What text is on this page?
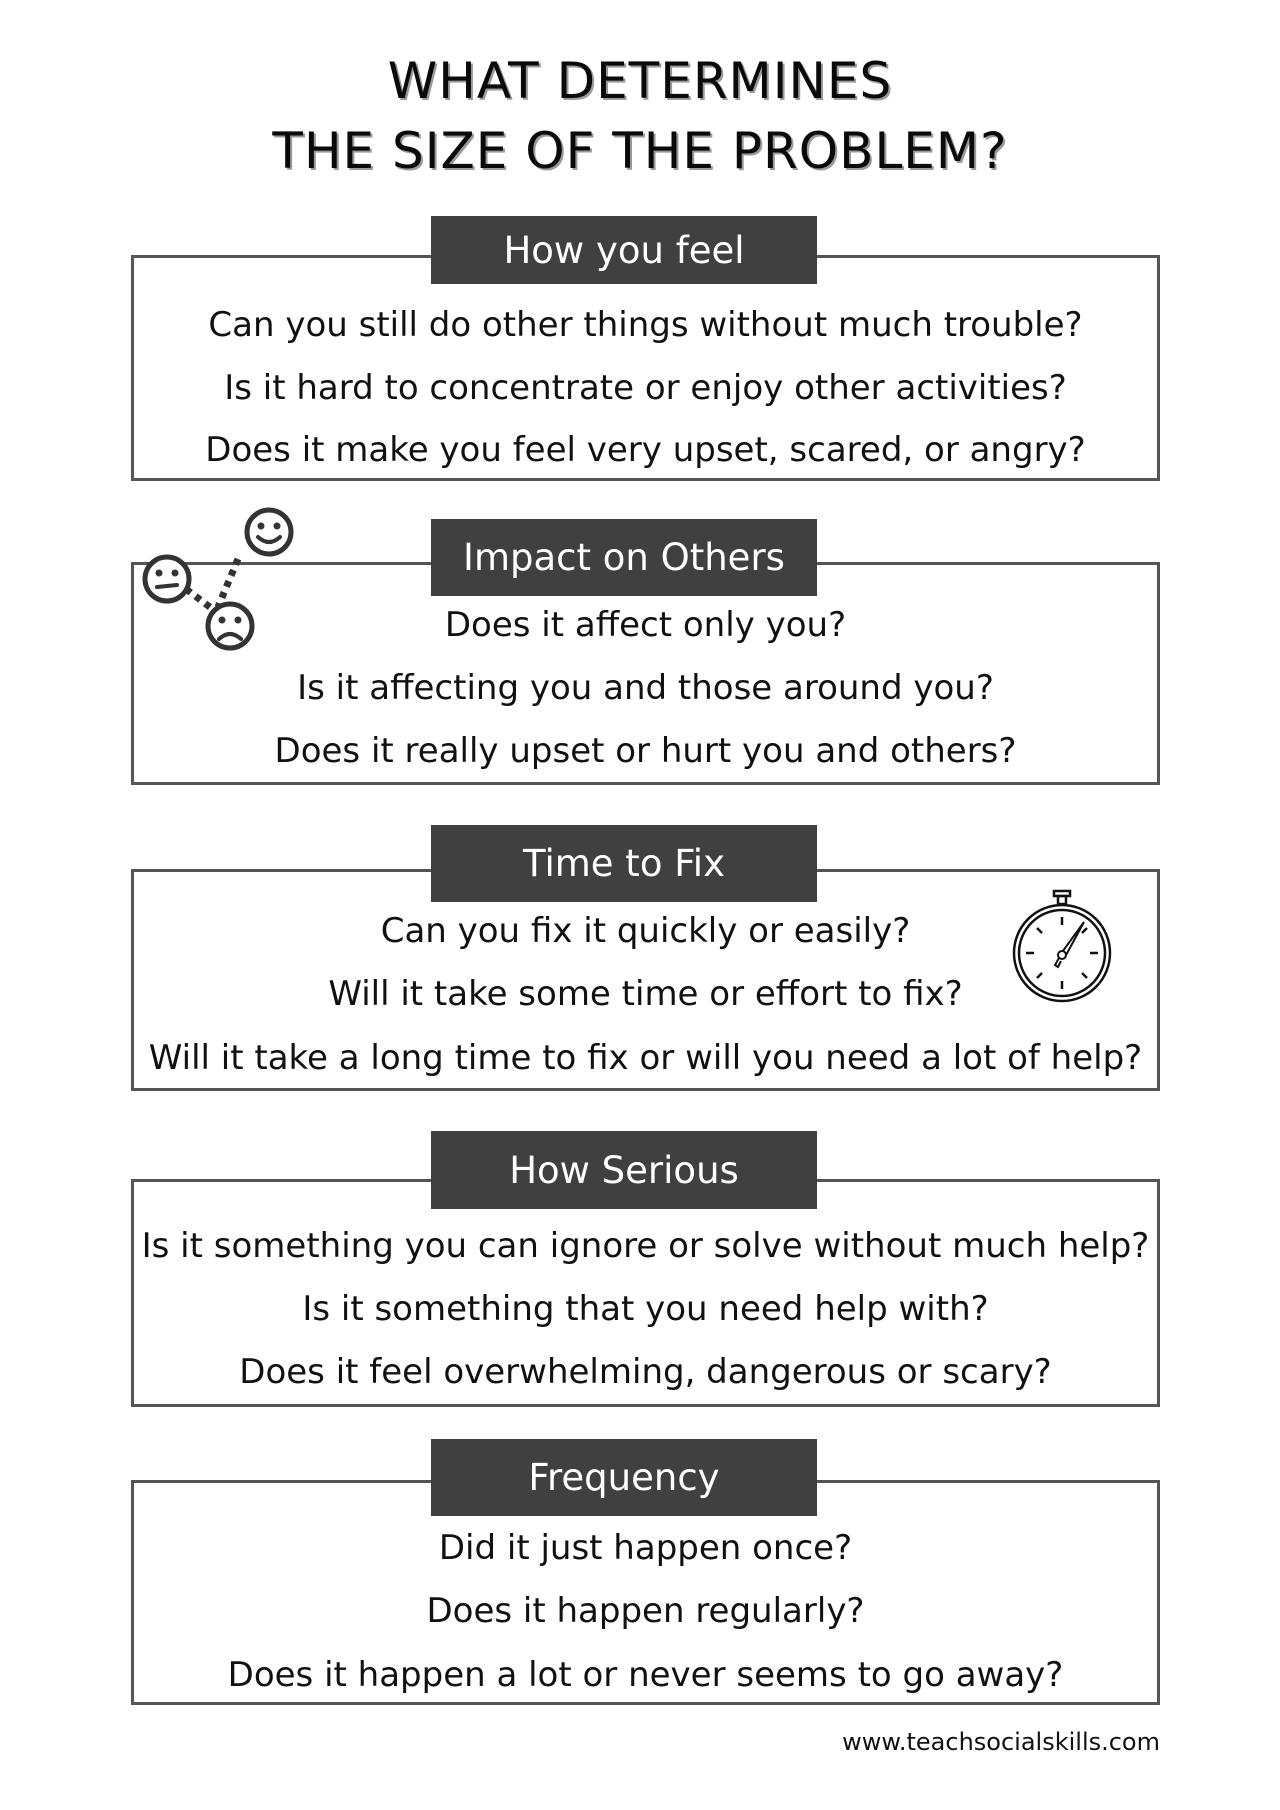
WHAT DETERMINES
THE SIZE OF THE PROBLEM?
How you feel
Can you still do other things without much trouble?
Is it hard to concentrate or enjoy other activities?
Does it make you feel very upset, scared, or angry?
Impact on Others
Does it affect only you?
Is it affecting you and those around you?
Does it really upset or hurt you and others?
Time to Fix
Can you fix it quickly or easily?
Will it take some time or effort to fix?
Will it take a long time to fix or will you need a lot of help?
How Serious
Is it something you can ignore or solve without much help?
Is it something that you need help with?
Does it feel overwhelming, dangerous or scary?
Frequency
Did it just happen once?
Does it happen regularly?
Does it happen a lot or never seems to go away?
www.teachsocialskills.com
